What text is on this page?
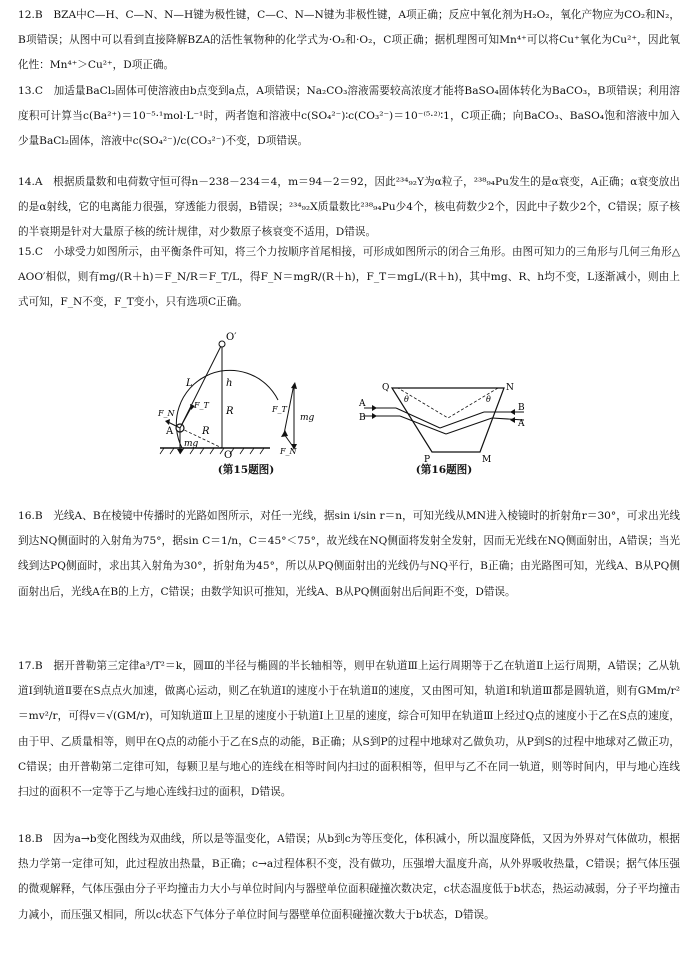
12.B　BZA中C—H、C—N、N—H键为极性键，C—C、N—N键为非极性键，A项正确；反应中氧化剂为H₂O₂，氧化产物应为CO₂和N₂，B项错误；从图中可以看到直接降解BZA的活性氧物种的化学式为·O₂和·O₂，C项正确；据机理图可知Mn⁴⁺可以将Cu⁺氧化为Cu²⁺，因此氧化性：Mn⁴⁺＞Cu²⁺，D项正确。
13.C　加适量BaCl₂固体可使溶液由b点变到a点，A项错误；Na₂CO₃溶液需要较高浓度才能将BaSO₄固体转化为BaCO₃，B项错误；利用溶度积可计算当c(Ba²⁺)＝10⁻⁵·¹mol·L⁻¹时，两者饱和溶液中c(SO₄²⁻)∶c(CO₃²⁻)＝10⁻⁽⁵·²⁾∶1，C项正确；向BaCO₃、BaSO₄饱和溶液中加入少量BaCl₂固体，溶液中c(SO₄²⁻)/c(CO₃²⁻)不变，D项错误。
14.A　根据质量数和电荷数守恒可得n－238－234＝4，m＝94－2＝92，因此²³⁴₉₂Y为α粒子，²³⁸₉₄Pu发生的是α衰变，A正确；α衰变放出的是α射线，它的电离能力很强，穿透能力很弱，B错误；²³⁴₉₂X质量数比²³⁸₉₄Pu少4个，核电荷数少2个，因此中子数少2个，C错误；原子核的半衰期是针对大量原子核的统计规律，对少数原子核衰变不适用，D错误。
15.C　小球受力如图所示，由平衡条件可知，将三个力按顺序首尾相接，可形成如图所示的闭合三角形。由图可知力的三角形与几何三角形△AOO′相似，则有mg/(R＋h)＝F_N/R＝F_T/L，得F_N＝mgR/(R＋h)，F_T＝mgL/(R＋h)，其中mg、R、h均不变，L逐渐减小，则由上式可知，F_N不变，F_T变小，只有选项C正确。
O′
L	h
F_T
F_N	R
R
A
mg
O
F_T
mg
F_N
(第15题图)
Q	N
θ	θ
A
B
B
A
P	M
(第16题图)
16.B　光线A、B在棱镜中传播时的光路如图所示，对任一光线，据sin i/sin r＝n，可知光线从MN进入棱镜时的折射角r＝30°，可求出光线到达NQ侧面时的入射角为75°，据sin C＝1/n，C＝45°＜75°，故光线在NQ侧面将发射全发射，因而无光线在NQ侧面射出，A错误；当光线到达PQ侧面时，求出其入射角为30°，折射角为45°，所以从PQ侧面射出的光线仍与NQ平行，B正确；由光路图可知，光线A、B从PQ侧面射出后，光线A在B的上方，C错误；由数学知识可推知，光线A、B从PQ侧面射出后间距不变，D错误。
17.B　据开普勒第三定律a³/T²＝k，圆Ⅲ的半径与椭圆的半长轴相等，则甲在轨道Ⅲ上运行周期等于乙在轨道Ⅱ上运行周期，A错误；乙从轨道Ⅰ到轨道Ⅱ要在S点点火加速，做离心运动，则乙在轨道Ⅰ的速度小于在轨道Ⅱ的速度，又由图可知，轨道Ⅰ和轨道Ⅲ都是圆轨道，则有GMm/r²＝mv²/r，可得v＝√(GM/r)，可知轨道Ⅲ上卫星的速度小于轨道Ⅰ上卫星的速度，综合可知甲在轨道Ⅲ上经过Q点的速度小于乙在S点的速度，由于甲、乙质量相等，则甲在Q点的动能小于乙在S点的动能，B正确；从S到P的过程中地球对乙做负功，从P到S的过程中地球对乙做正功，C错误；由开普勒第二定律可知，每颗卫星与地心的连线在相等时间内扫过的面积相等，但甲与乙不在同一轨道，则等时间内，甲与地心连线扫过的面积不一定等于乙与地心连线扫过的面积，D错误。
18.B　因为a→b变化图线为双曲线，所以是等温变化，A错误；从b到c为等压变化，体积减小，所以温度降低，又因为外界对气体做功，根据热力学第一定律可知，此过程放出热量，B正确；c→a过程体积不变，没有做功，压强增大温度升高，从外界吸收热量，C错误；据气体压强的微观解释，气体压强由分子平均撞击力大小与单位时间内与器壁单位面积碰撞次数决定，c状态温度低于b状态，热运动减弱，分子平均撞击力减小，而压强又相同，所以c状态下气体分子单位时间与器壁单位面积碰撞次数大于b状态，D错误。
